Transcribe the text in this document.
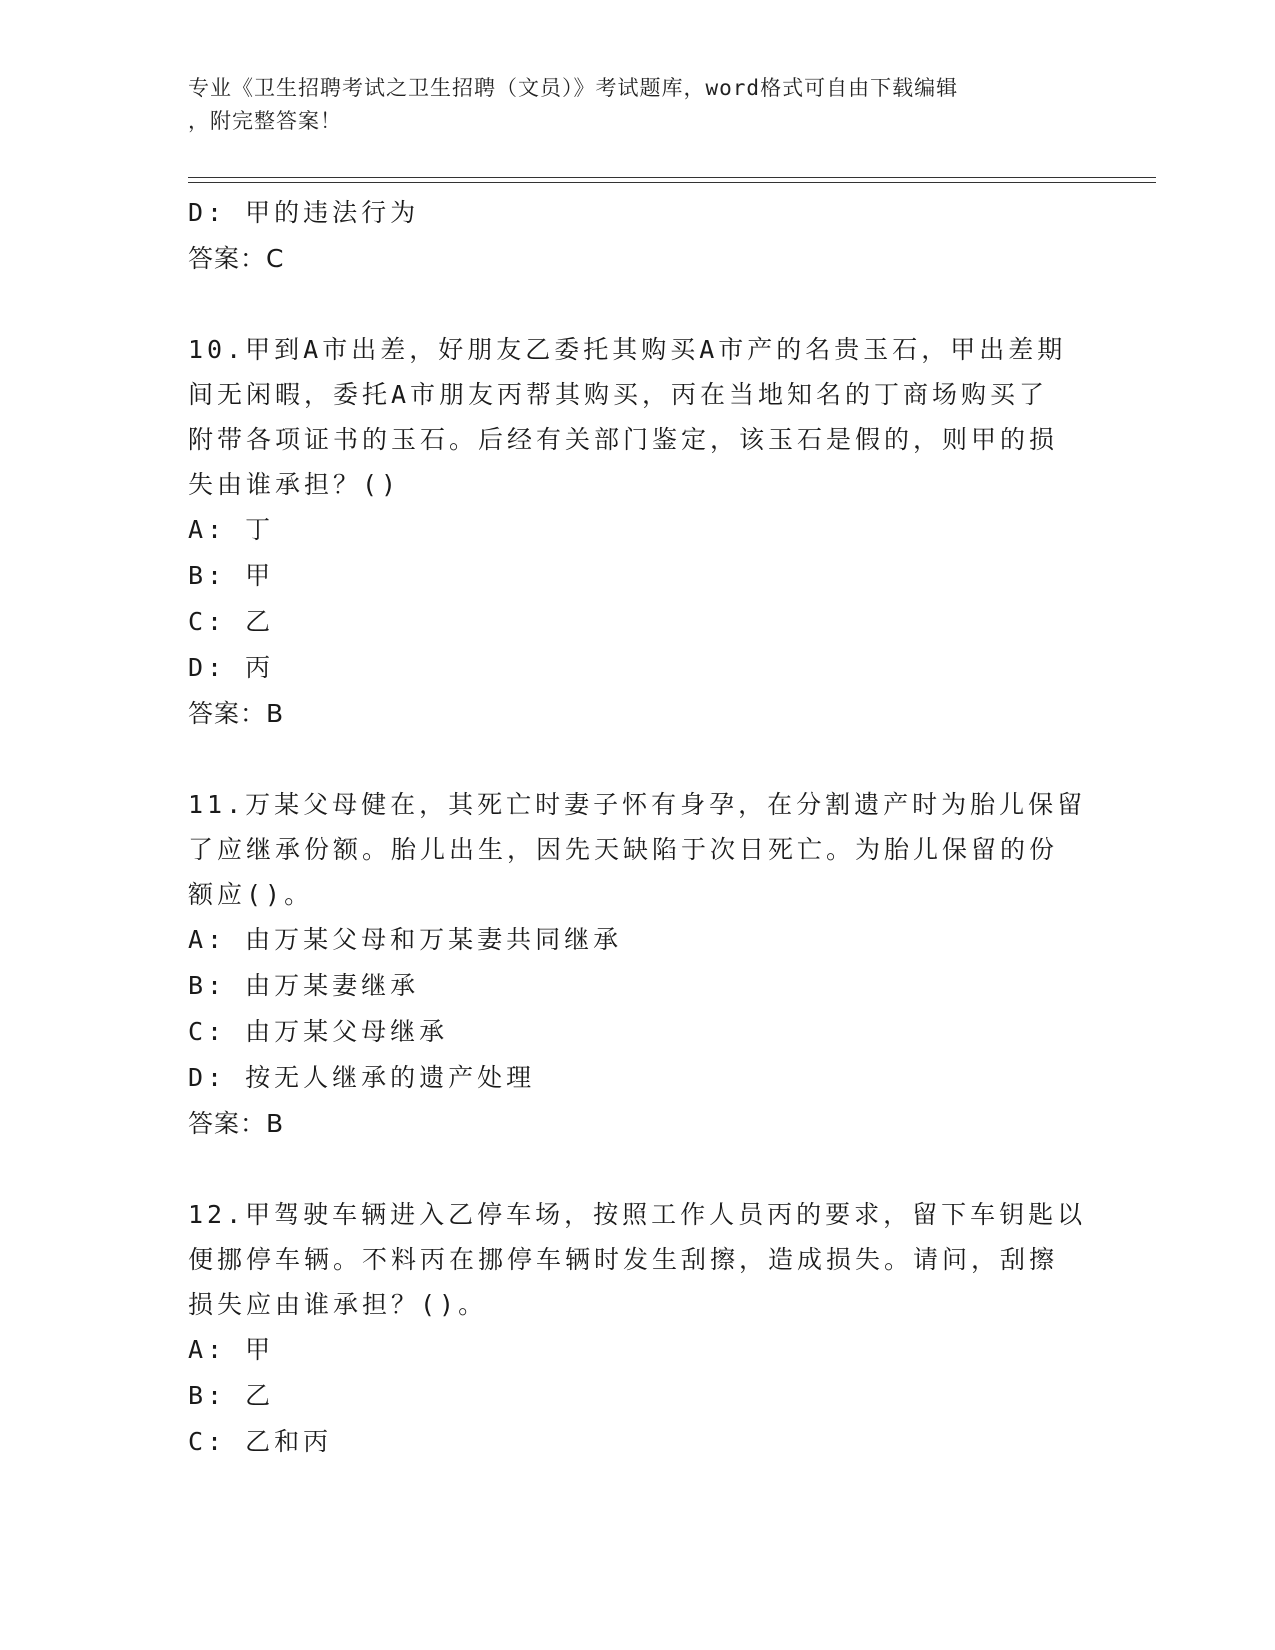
专业《卫生招聘考试之卫生招聘（文员）》考试题库，word格式可自由下载编辑
，附完整答案！
D: 甲的违法行为
答案：C
10.甲到A市出差，好朋友乙委托其购买A市产的名贵玉石，甲出差期
间无闲暇，委托A市朋友丙帮其购买，丙在当地知名的丁商场购买了
附带各项证书的玉石。后经有关部门鉴定，该玉石是假的，则甲的损
失由谁承担？()
A: 丁
B: 甲
C: 乙
D: 丙
答案：B
11.万某父母健在，其死亡时妻子怀有身孕，在分割遗产时为胎儿保留
了应继承份额。胎儿出生，因先天缺陷于次日死亡。为胎儿保留的份
额应()。
A: 由万某父母和万某妻共同继承
B: 由万某妻继承
C: 由万某父母继承
D: 按无人继承的遗产处理
答案：B
12.甲驾驶车辆进入乙停车场，按照工作人员丙的要求，留下车钥匙以
便挪停车辆。不料丙在挪停车辆时发生刮擦，造成损失。请问，刮擦
损失应由谁承担？()。
A: 甲
B: 乙
C: 乙和丙
